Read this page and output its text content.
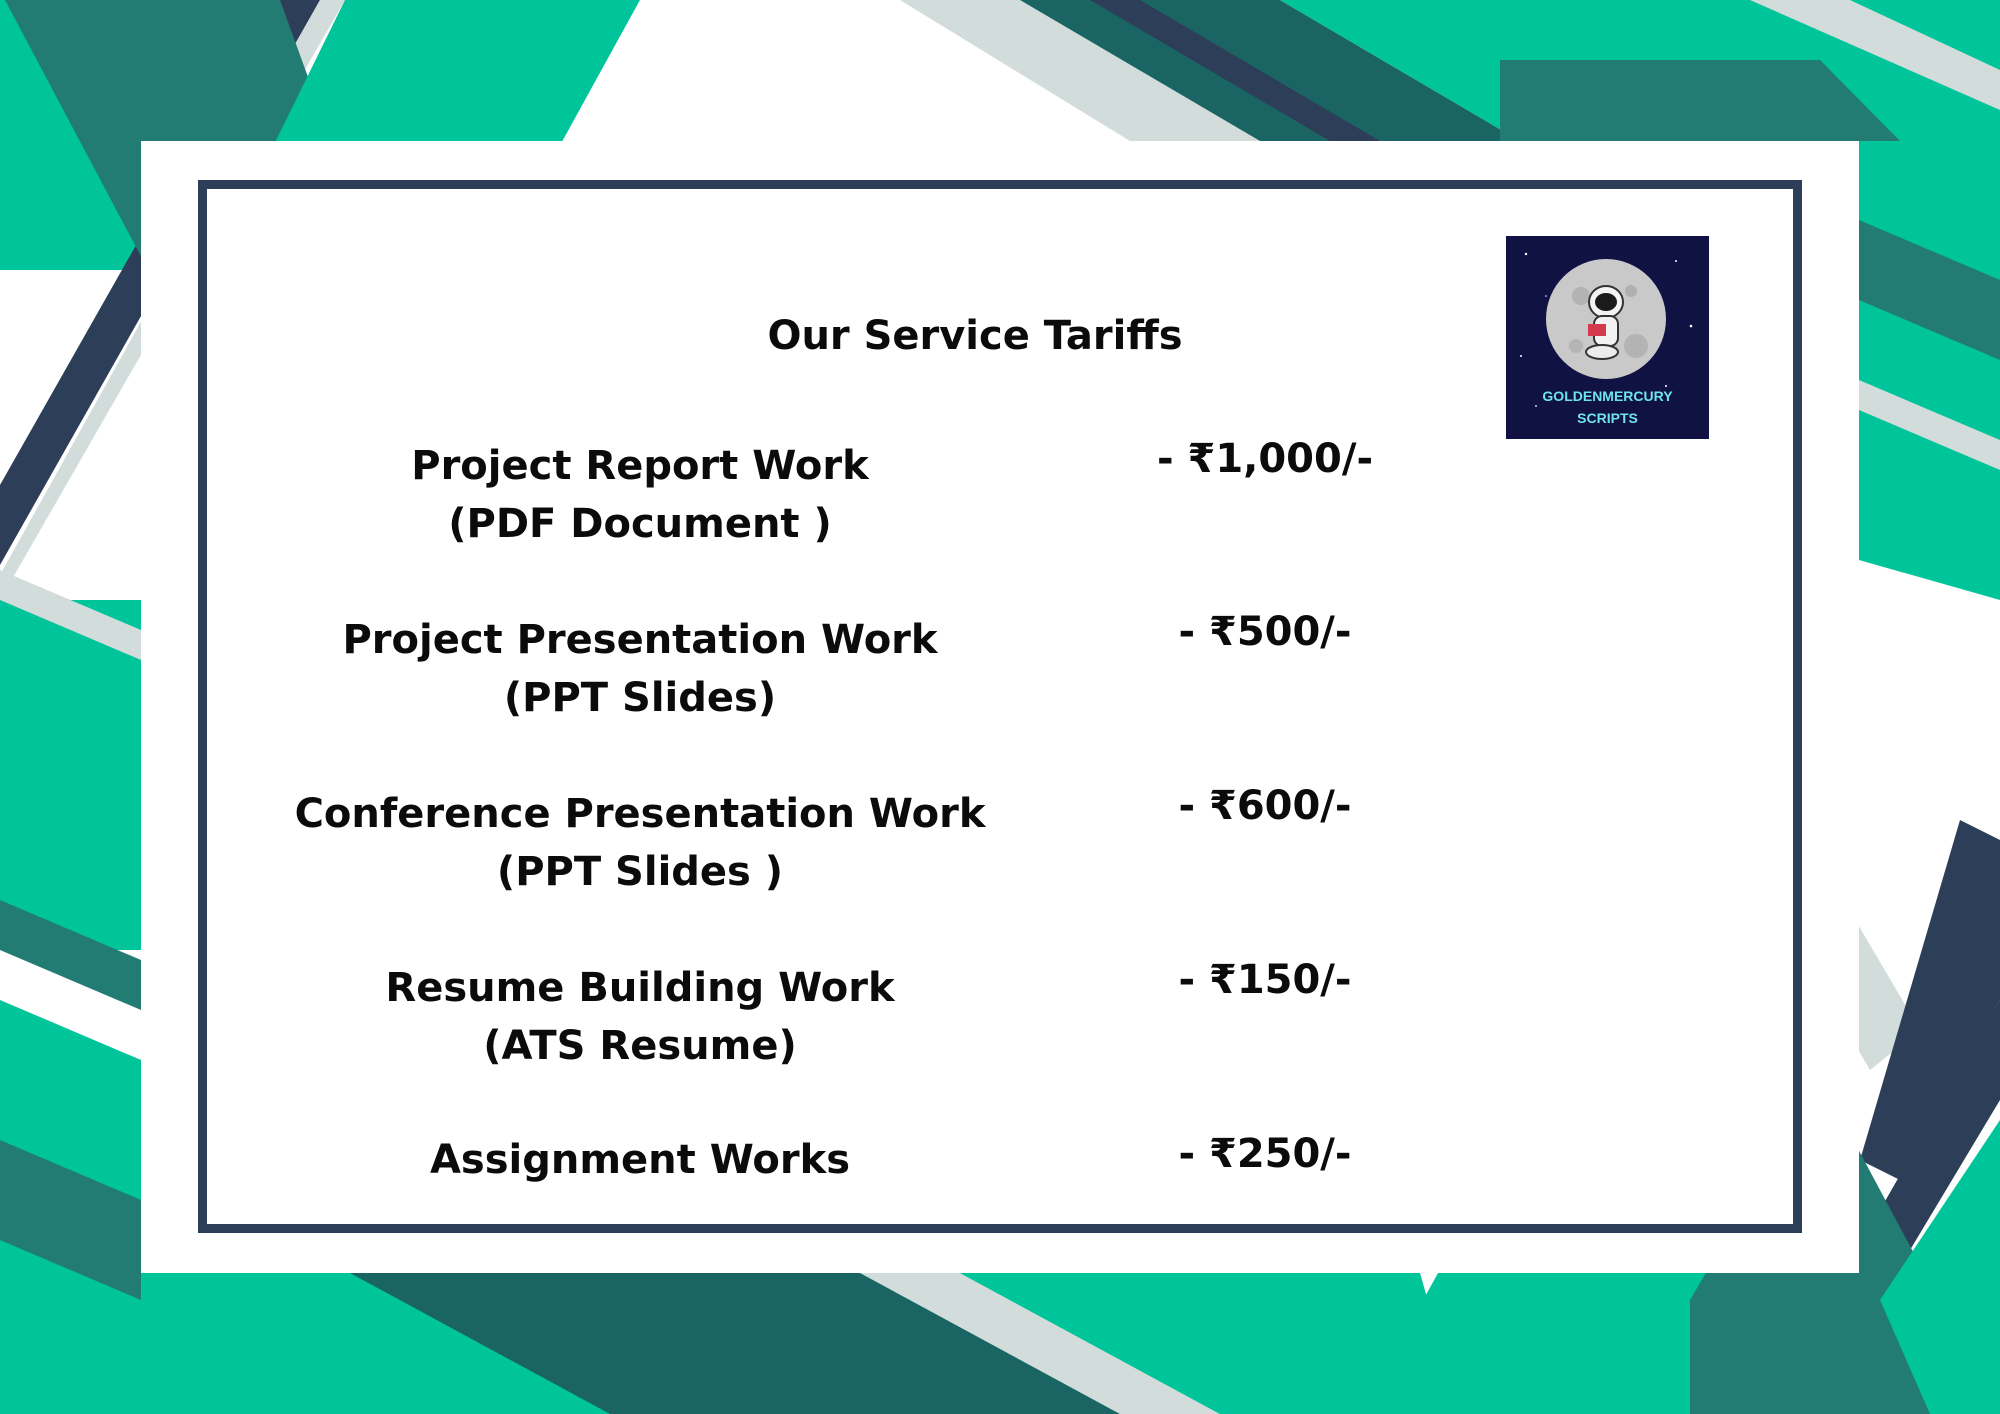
Our Service Tariffs
Project Report Work
(PDF Document )
- ₹1,000/-
Project Presentation Work
(PPT Slides)
- ₹500/-
Conference Presentation Work
(PPT Slides )
- ₹600/-
Resume Building Work
(ATS Resume)
- ₹150/-
Assignment Works	- ₹250/-
GOLDENMERCURY
SCRIPTS
